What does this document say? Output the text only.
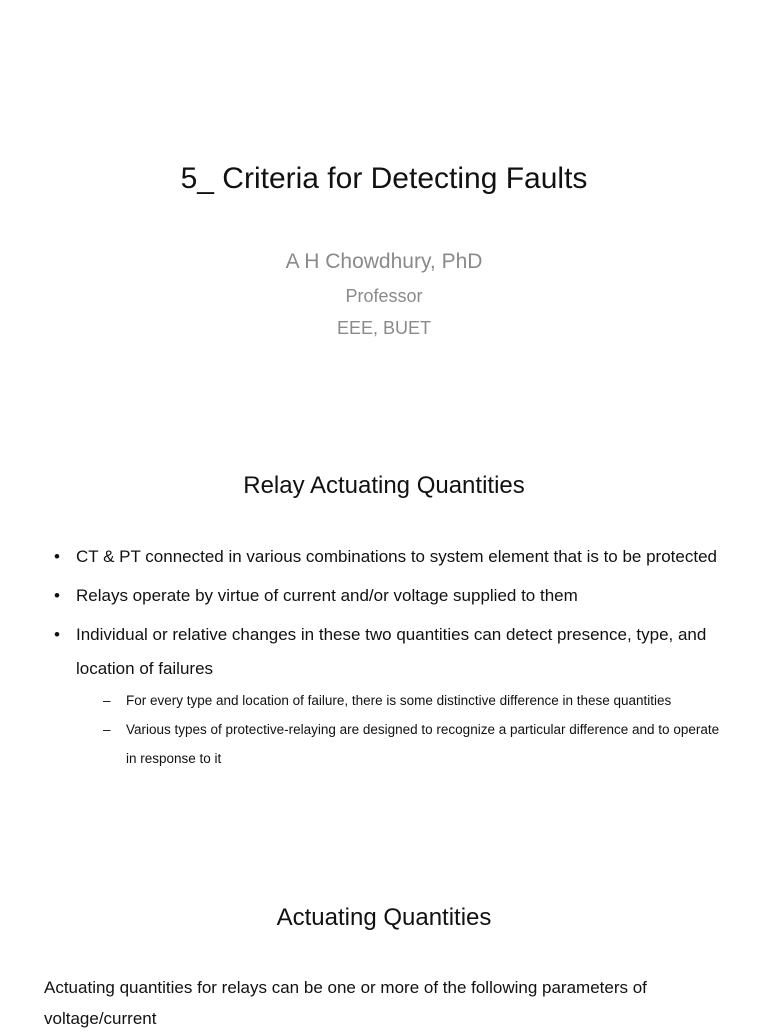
5_ Criteria for Detecting Faults
A H Chowdhury, PhD
Professor
EEE, BUET
Relay Actuating Quantities
• CT & PT connected in various combinations to system element that is to be protected
• Relays operate by virtue of current and/or voltage supplied to them
• Individual or relative changes in these two quantities can detect presence, type, and location of failures
– For every type and location of failure, there is some distinctive difference in these quantities
– Various types of protective-relaying are designed to recognize a particular difference and to operate in response to it
Actuating Quantities
Actuating quantities for relays can be one or more of the following parameters of voltage/current
